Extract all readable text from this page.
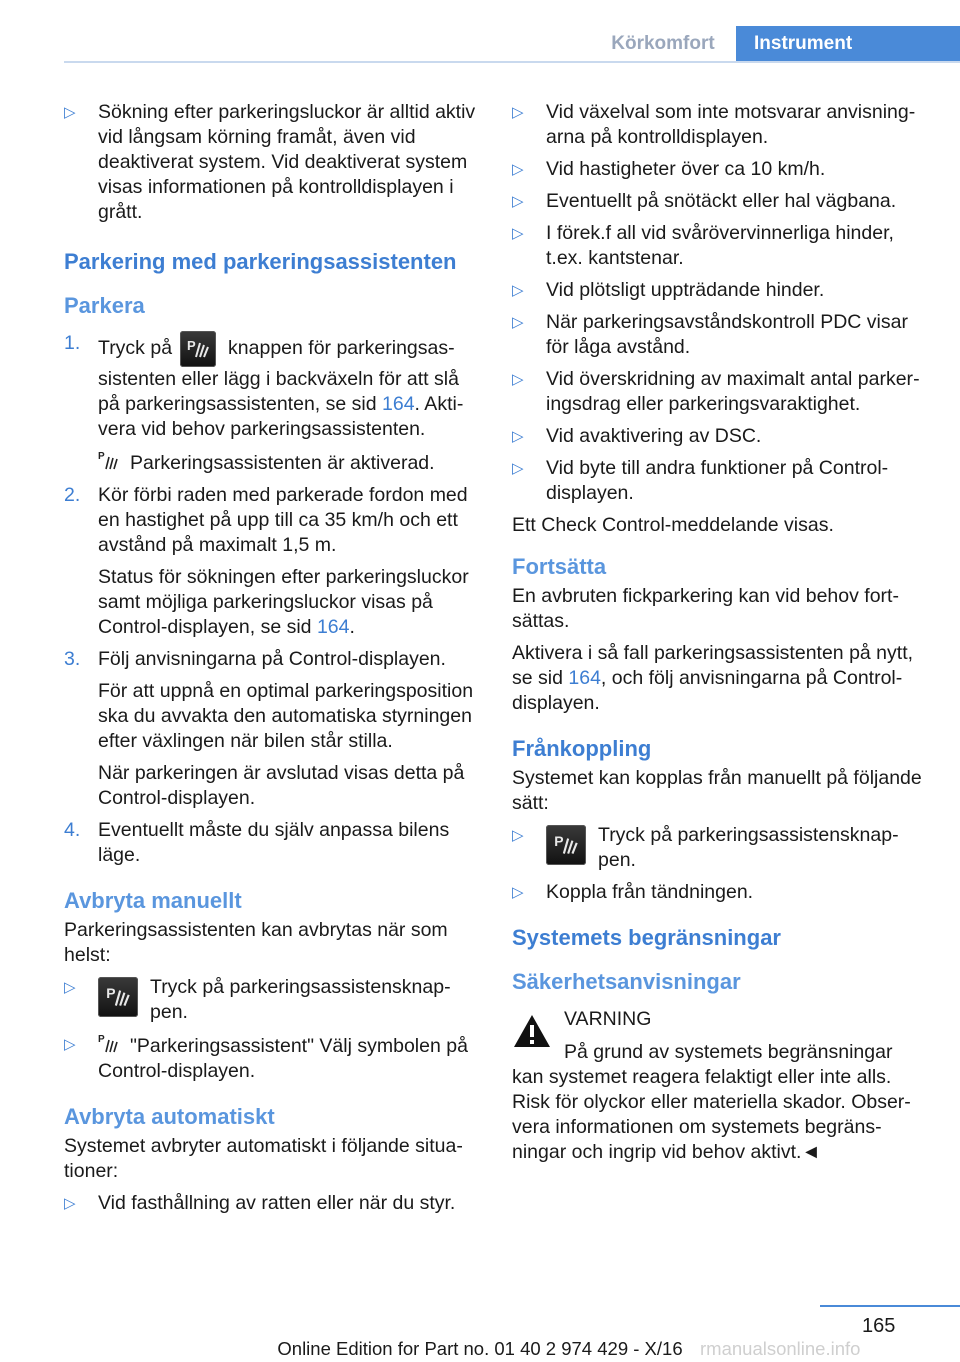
Körkomfort	Instrument
▷	Sökning efter parkeringsluckor är alltid aktiv vid långsam körning framåt, även vid deaktiverat system. Vid deaktiverat system visas informationen på kontrolldisplayen i grått.
Parkering med parkeringsassistenten
Parkera
1. Tryck på P knappen för parkeringsassistenten eller lägg i backväxeln för att slå på parkeringsassistenten, se sid 164. Aktivera vid behov parkeringsassistenten.
P Parkeringsassistenten är aktiverad.
2. Kör förbi raden med parkerade fordon med en hastighet på upp till ca 35 km/h och ett avstånd på maximalt 1,5 m.
Status för sökningen efter parkeringsluckor samt möjliga parkeringsluckor visas på Control-displayen, se sid 164.
3. Följ anvisningarna på Control-displayen.
För att uppnå en optimal parkeringsposition ska du avvakta den automatiska styrningen efter växlingen när bilen står stilla.
När parkeringen är avslutad visas detta på Control-displayen.
4. Eventuellt måste du själv anpassa bilens läge.
Avbryta manuellt

Parkeringsassistenten kan avbrytas när som helst:

▷	P Tryck på parkeringsassistensknappen.
▷	P "Parkeringsassistent" Välj symbolen på Control-displayen.
Avbryta automatiskt

Systemet avbryter automatiskt i följande situationer:

▷	Vid fasthållning av ratten eller när du styr.
▷	Vid växelval som inte motsvarar anvisningarna på kontrolldisplayen.
▷	Vid hastigheter över ca 10 km/h.
▷	Eventuellt på snötäckt eller hal vägbana.
▷	I förek.f all vid svårövervinnerliga hinder, t.ex. kantstenar.
▷	Vid plötsligt uppträdande hinder.
▷	När parkeringsavståndskontroll PDC visar för låga avstånd.
▷	Vid överskridning av maximalt antal parkeringsdrag eller parkeringsvaraktighet.
▷	Vid avaktivering av DSC.
▷	Vid byte till andra funktioner på Control-displayen.

Ett Check Control-meddelande visas.

Fortsätta

En avbruten fickparkering kan vid behov fortsättas.

Aktivera i så fall parkeringsassistenten på nytt, se sid 164, och följ anvisningarna på Control-displayen.

Frånkoppling

Systemet kan kopplas från manuellt på följande sätt:

▷	P Tryck på parkeringsassistensknappen.
▷	Koppla från tändningen.
Systemets begränsningar
Säkerhetsanvisningar
VARNING
På grund av systemets begränsningar

kan systemet reagera felaktigt eller inte alls. Risk för olyckor eller materiella skador. Observera informationen om systemets begränsningar och ingrip vid behov aktivt.◄

165
Online Edition for Part no. 01 40 2 974 429 - X/16 rmanualsonline.info
